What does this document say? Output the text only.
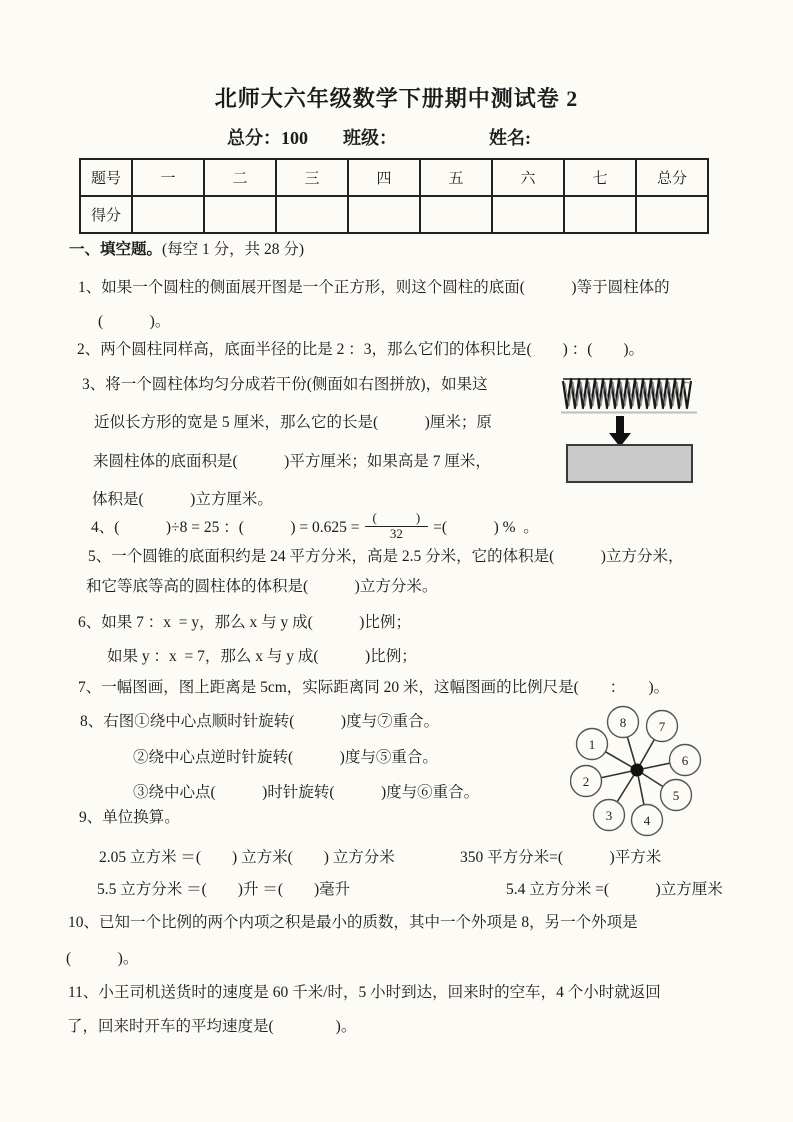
北师大六年级数学下册期中测试卷 2
总分：100 班级：	姓名:
题号	一	二	三	四	五	六	七	总分
得分								
一、填空题。(每空 1 分，共 28 分)
1、如果一个圆柱的侧面展开图是一个正方形，则这个圆柱的底面(　　　)等于圆柱体的
(　　　)。
2、两个圆柱同样高，底面半径的比是 2 ：3，那么它们的体积比是(　　) ：(　　)。
3、将一个圆柱体均匀分成若干份(侧面如右图拼放)，如果这
近似长方形的宽是 5 厘米，那么它的长是(　　　)厘米；原
来圆柱体的底面积是(　　　)平方厘米；如果高是 7 厘米，
体积是(　　　)立方厘米。
4、(　　　)÷8 = 25 ：(　　　) = $0.625 = \frac{( )}{32}$ =(　　　) %  。
5、一个圆锥的底面积约是 24 平方分米，高是 2.5 分米，它的体积是(　　　)立方分米，
和它等底等高的圆柱体的体积是(　　　)立方分米。
6、如果 7 ：x  = y，那么 x 与 y 成(　　　)比例；
如果 y ：x  = 7，那么 x 与 y 成(　　　)比例；
7、一幅图画，图上距离是 5cm，实际距离同 20 米，这幅图画的比例尺是(　　：　　)。
8、右图①绕中心点顺时针旋转(　　　)度与⑦重合。
②绕中心点逆时针旋转(　　　)度与⑤重合。
③绕中心点(　　　)时针旋转(　　　)度与⑥重合。
1
2
3 4
5
6
7
8
9、单位换算。
2.05 立方米 ＝(　　) 立方米(　　) 立方分米	350 平方分米=(　　　)平方米
5.5 立方分米 ＝(　　)升 ＝(　　)毫升	5.4 立方分米 =(　　　)立方厘米
10、已知一个比例的两个内项之积是最小的质数，其中一个外项是 8，另一个外项是
(　　　)。
11、小王司机送货时的速度是 60 千米/时，5 小时到达，回来时的空车，4 个小时就返回
了，回来时开车的平均速度是(　　　　)。
